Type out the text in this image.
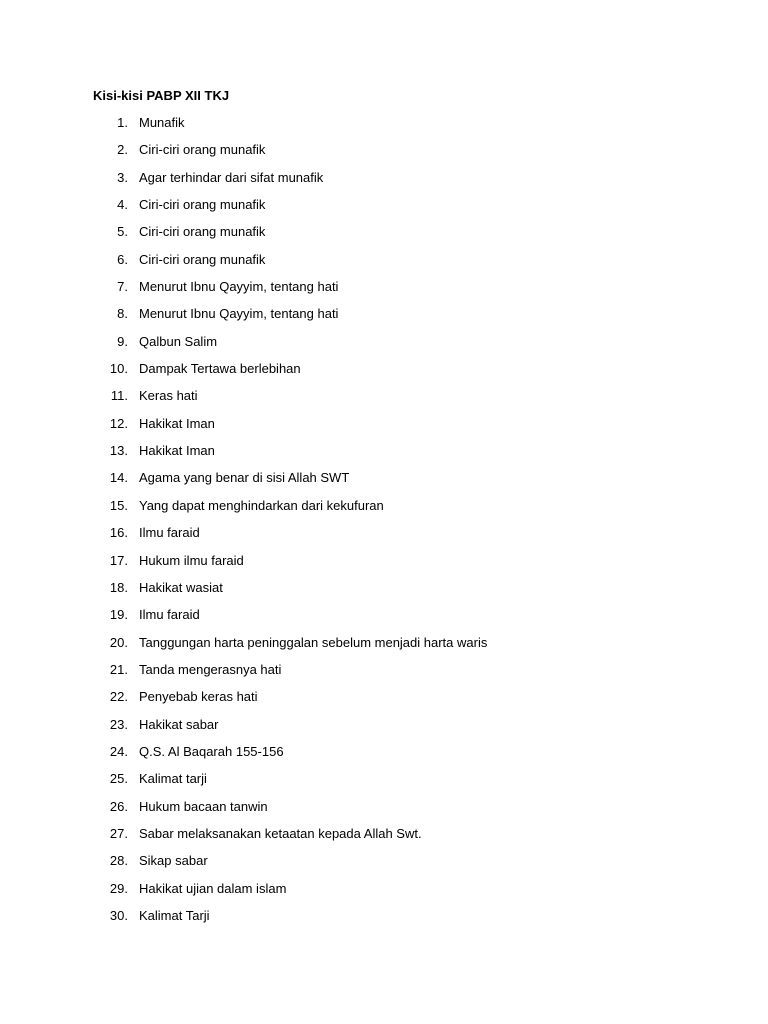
Kisi-kisi PABP XII TKJ
1. Munafik
2. Ciri-ciri orang munafik
3. Agar terhindar dari sifat munafik
4. Ciri-ciri orang munafik
5. Ciri-ciri orang munafik
6. Ciri-ciri orang munafik
7. Menurut Ibnu Qayyim, tentang hati
8. Menurut Ibnu Qayyim, tentang hati
9. Qalbun Salim
10. Dampak Tertawa berlebihan
11. Keras hati
12. Hakikat Iman
13. Hakikat Iman
14. Agama yang benar di sisi Allah SWT
15. Yang dapat menghindarkan dari kekufuran
16. Ilmu faraid
17. Hukum ilmu faraid
18. Hakikat wasiat
19. Ilmu faraid
20. Tanggungan harta peninggalan sebelum menjadi harta waris
21. Tanda mengerasnya hati
22. Penyebab keras hati
23. Hakikat sabar
24. Q.S. Al Baqarah 155-156
25. Kalimat tarji
26. Hukum bacaan tanwin
27. Sabar melaksanakan ketaatan kepada Allah Swt.
28. Sikap sabar
29. Hakikat ujian dalam islam
30. Kalimat Tarji
